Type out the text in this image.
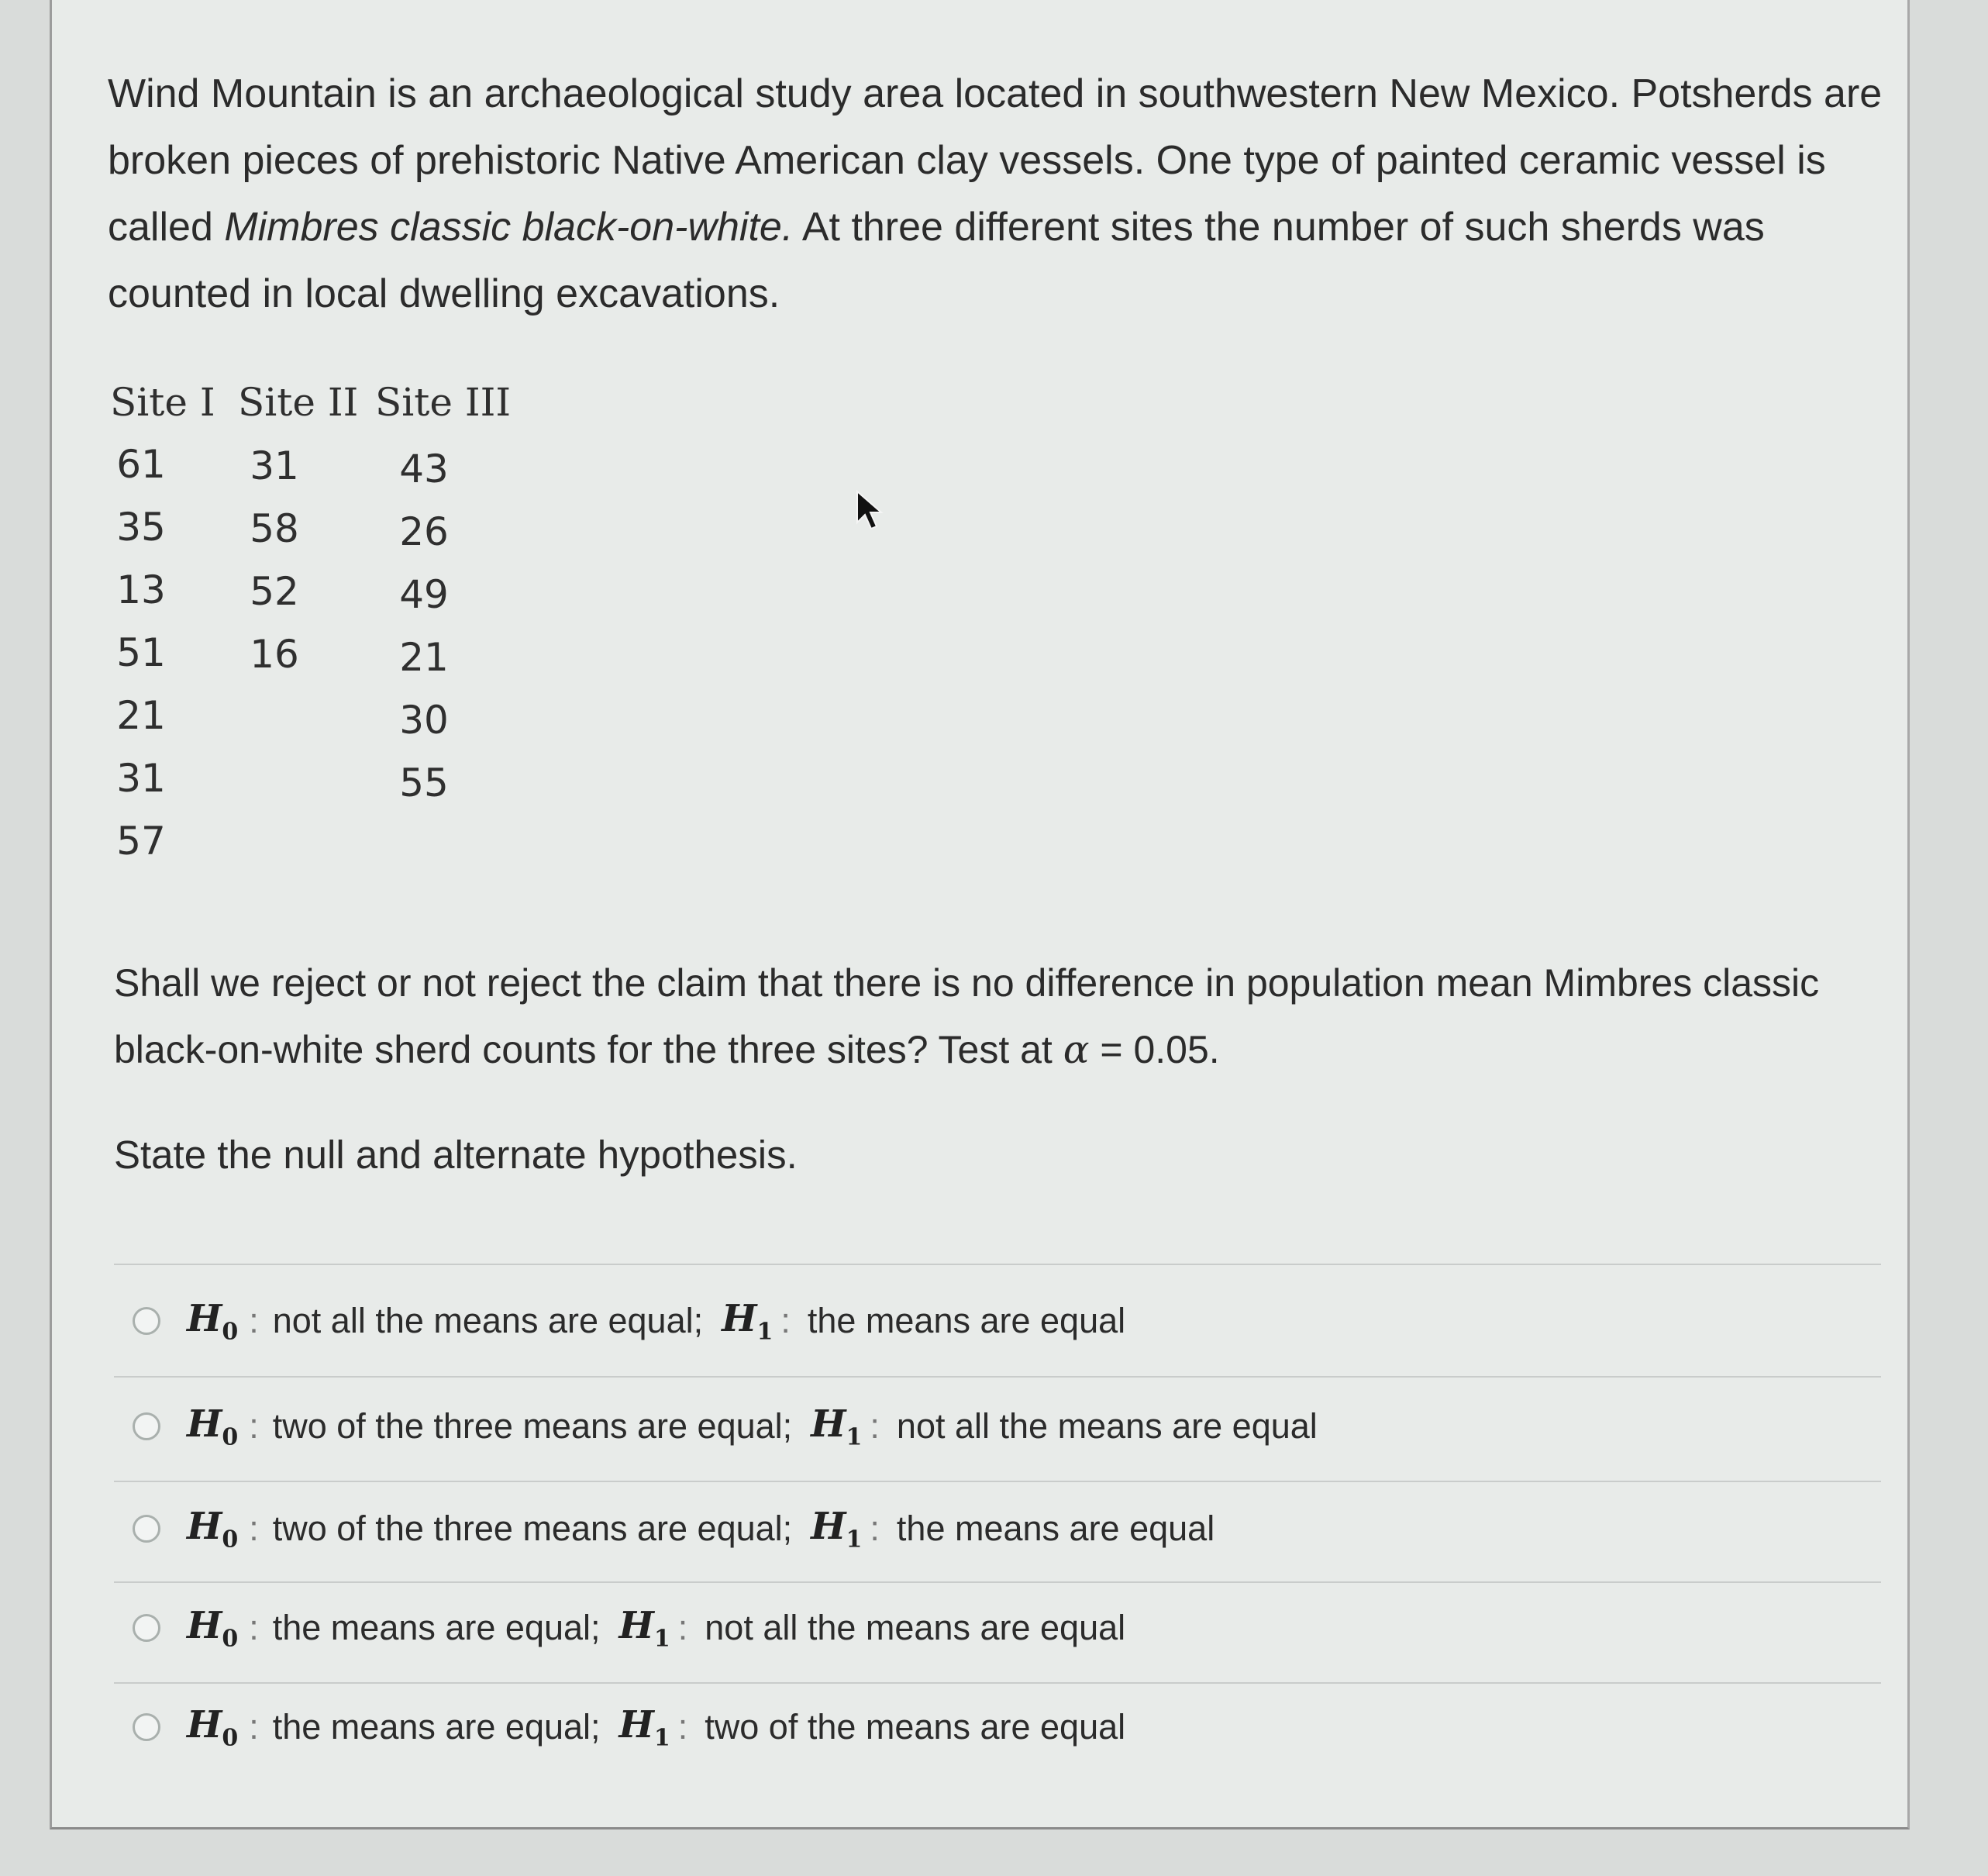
Wind Mountain is an archaeological study area located in southwestern New Mexico. Potsherds are broken pieces of prehistoric Native American clay vessels. One type of painted ceramic vessel is called Mimbres classic black-on-white. At three different sites the number of such sherds was counted in local dwelling excavations.

Site I Site II Site III
61
35
13
51
21
31
57
31
58
52
16
43
26
49
21
30
55

Shall we reject or not reject the claim that there is no difference in population mean Mimbres classic black-on-white sherd counts for the three sites? Test at α = 0.05.

State the null and alternate hypothesis.

$H_0$ : not all the means are equal; $H_1$ : the means are equal
$H_0$ : two of the three means are equal; $H_1$ : not all the means are equal
$H_0$ : two of the three means are equal; $H_1$ : the means are equal
$H_0$ : the means are equal; $H_1$ : not all the means are equal
$H_0$ : the means are equal; $H_1$ : two of the means are equal
